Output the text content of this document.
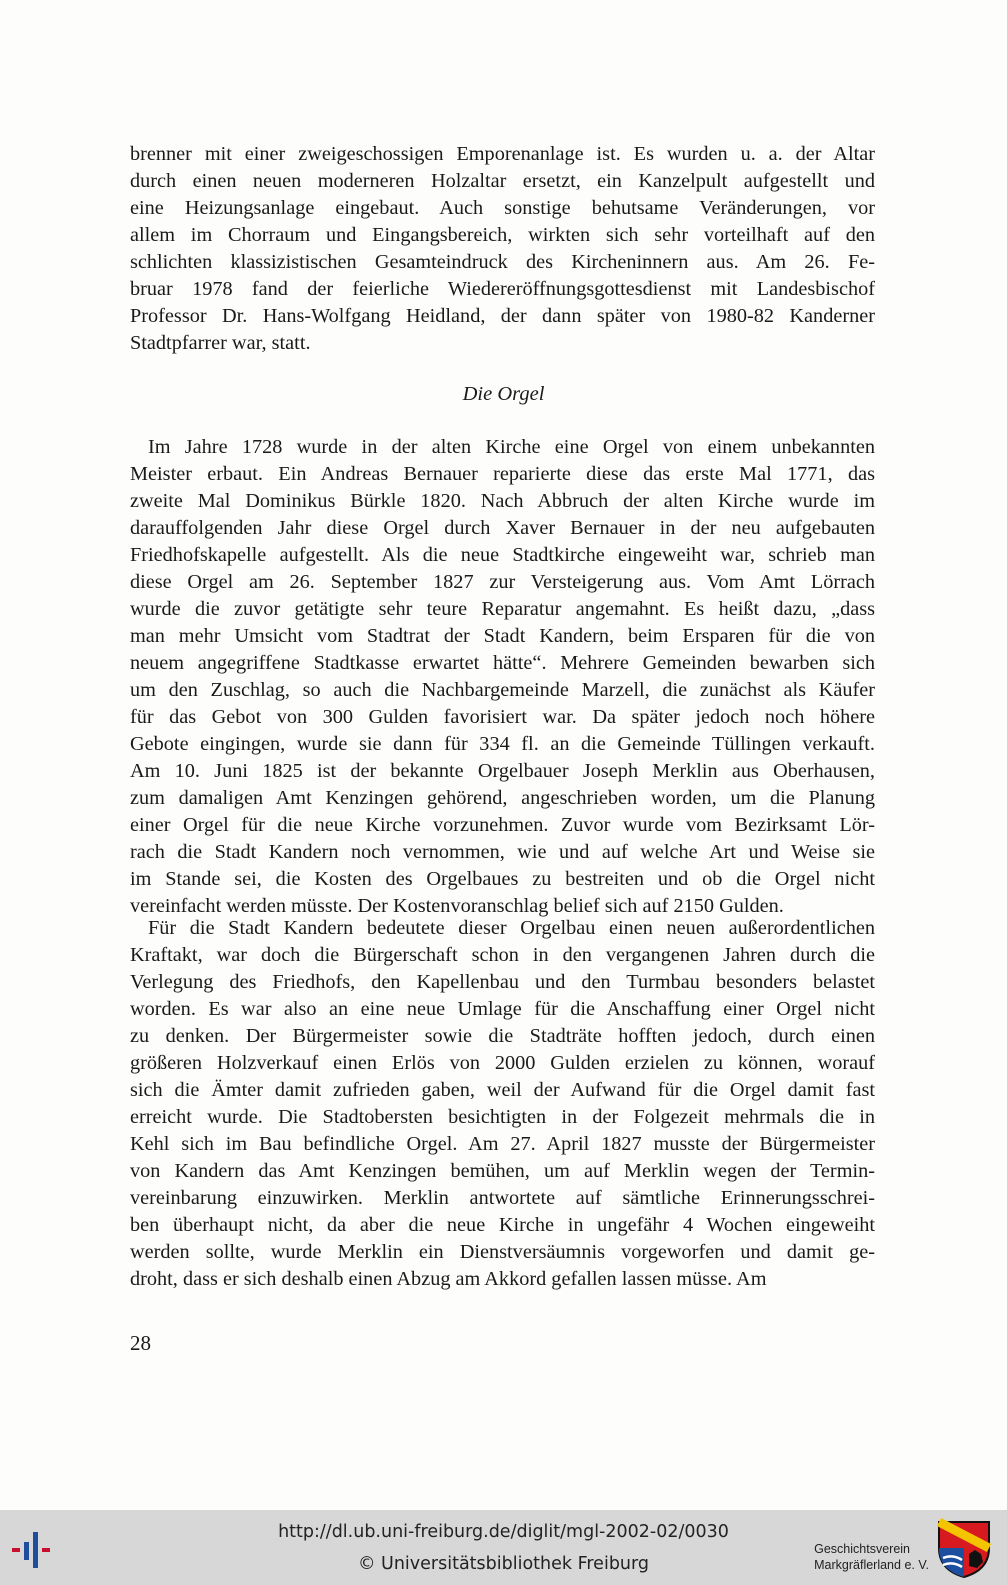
brenner mit einer zweigeschossigen Emporenanlage ist. Es wurden u. a. der Altar
durch einen neuen moderneren Holzaltar ersetzt, ein Kanzelpult aufgestellt und
eine Heizungsanlage eingebaut. Auch sonstige behutsame Veränderungen, vor
allem im Chorraum und Eingangsbereich, wirkten sich sehr vorteilhaft auf den
schlichten klassizistischen Gesamteindruck des Kircheninnern aus. Am 26. Fe-
bruar 1978 fand der feierliche Wiedereröffnungsgottesdienst mit Landesbischof
Professor Dr. Hans-Wolfgang Heidland, der dann später von 1980-82 Kanderner
Stadtpfarrer war, statt.
Die Orgel
Im Jahre 1728 wurde in der alten Kirche eine Orgel von einem unbekannten
Meister erbaut. Ein Andreas Bernauer reparierte diese das erste Mal 1771, das
zweite Mal Dominikus Bürkle 1820. Nach Abbruch der alten Kirche wurde im
darauffolgenden Jahr diese Orgel durch Xaver Bernauer in der neu aufgebauten
Friedhofskapelle aufgestellt. Als die neue Stadtkirche eingeweiht war, schrieb man
diese Orgel am 26. September 1827 zur Versteigerung aus. Vom Amt Lörrach
wurde die zuvor getätigte sehr teure Reparatur angemahnt. Es heißt dazu, „dass
man mehr Umsicht vom Stadtrat der Stadt Kandern, beim Ersparen für die von
neuem angegriffene Stadtkasse erwartet hätte“. Mehrere Gemeinden bewarben sich
um den Zuschlag, so auch die Nachbargemeinde Marzell, die zunächst als Käufer
für das Gebot von 300 Gulden favorisiert war. Da später jedoch noch höhere
Gebote eingingen, wurde sie dann für 334 fl. an die Gemeinde Tüllingen verkauft.
Am 10. Juni 1825 ist der bekannte Orgelbauer Joseph Merklin aus Oberhausen,
zum damaligen Amt Kenzingen gehörend, angeschrieben worden, um die Planung
einer Orgel für die neue Kirche vorzunehmen. Zuvor wurde vom Bezirksamt Lör-
rach die Stadt Kandern noch vernommen, wie und auf welche Art und Weise sie
im Stande sei, die Kosten des Orgelbaues zu bestreiten und ob die Orgel nicht
vereinfacht werden müsste. Der Kostenvoranschlag belief sich auf 2150 Gulden.
Für die Stadt Kandern bedeutete dieser Orgelbau einen neuen außerordentlichen
Kraftakt, war doch die Bürgerschaft schon in den vergangenen Jahren durch die
Verlegung des Friedhofs, den Kapellenbau und den Turmbau besonders belastet
worden. Es war also an eine neue Umlage für die Anschaffung einer Orgel nicht
zu denken. Der Bürgermeister sowie die Stadträte hofften jedoch, durch einen
größeren Holzverkauf einen Erlös von 2000 Gulden erzielen zu können, worauf
sich die Ämter damit zufrieden gaben, weil der Aufwand für die Orgel damit fast
erreicht wurde. Die Stadtobersten besichtigten in der Folgezeit mehrmals die in
Kehl sich im Bau befindliche Orgel. Am 27. April 1827 musste der Bürgermeister
von Kandern das Amt Kenzingen bemühen, um auf Merklin wegen der Termin-
vereinbarung einzuwirken. Merklin antwortete auf sämtliche Erinnerungsschrei-
ben überhaupt nicht, da aber die neue Kirche in ungefähr 4 Wochen eingeweiht
werden sollte, wurde Merklin ein Dienstversäumnis vorgeworfen und damit ge-
droht, dass er sich deshalb einen Abzug am Akkord gefallen lassen müsse. Am
28
http://dl.ub.uni-freiburg.de/diglit/mgl-2002-02/0030
© Universitätsbibliothek Freiburg
Geschichtsverein
Markgräflerland e. V.
